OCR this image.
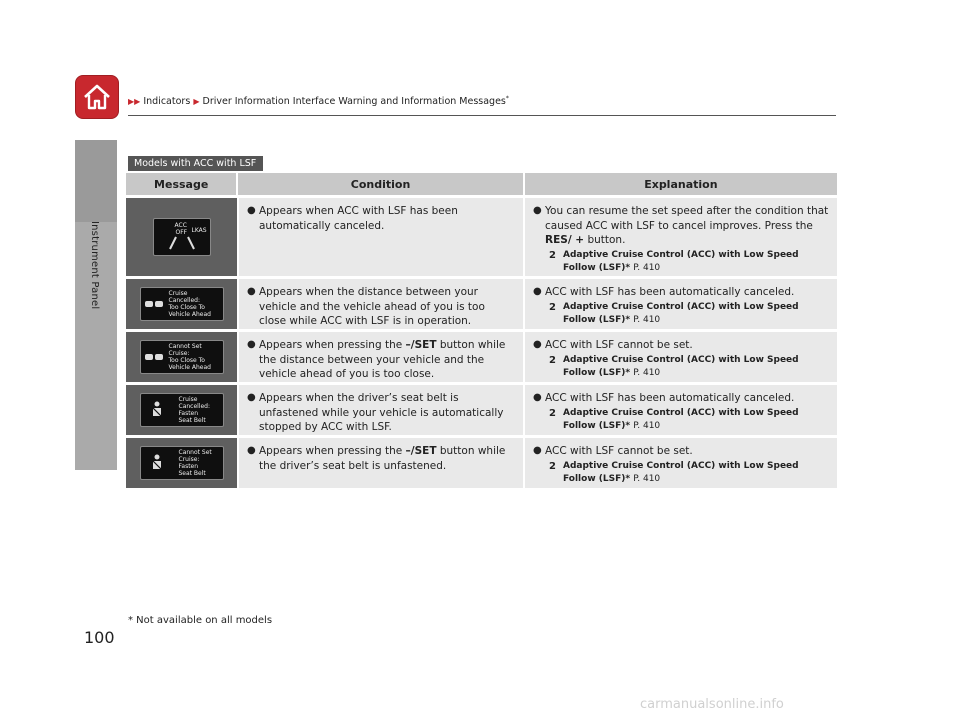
Instrument Panel
▶▶ Indicators ▶ Driver Information Interface Warning and Information Messages*
Models with ACC with LSF
Message	Condition	Explanation
ACC
OFF LKAS
● Appears when ACC with LSF has been automatically canceled.
● You can resume the set speed after the condition that caused ACC with LSF to cancel improves. Press the RES/ + button.
2 Adaptive Cruise Control (ACC) with Low Speed Follow (LSF)* P. 410
Cruise
Cancelled:
Too Close To
Vehicle Ahead
● Appears when the distance between your vehicle and the vehicle ahead of you is too close while ACC with LSF is in operation.
● ACC with LSF has been automatically canceled.
2 Adaptive Cruise Control (ACC) with Low Speed Follow (LSF)* P. 410
Cannot Set
Cruise:
Too Close To
Vehicle Ahead
● Appears when pressing the –/SET button while the distance between your vehicle and the vehicle ahead of you is too close.
● ACC with LSF cannot be set.
2 Adaptive Cruise Control (ACC) with Low Speed Follow (LSF)* P. 410
Cruise
Cancelled:
Fasten
Seat Belt
● Appears when the driver’s seat belt is unfastened while your vehicle is automatically stopped by ACC with LSF.
● ACC with LSF has been automatically canceled.
2 Adaptive Cruise Control (ACC) with Low Speed Follow (LSF)* P. 410
Cannot Set
Cruise:
Fasten
Seat Belt
● Appears when pressing the –/SET button while the driver’s seat belt is unfastened.
● ACC with LSF cannot be set.
2 Adaptive Cruise Control (ACC) with Low Speed Follow (LSF)* P. 410
* Not available on all models
100
carmanualsonline.info
